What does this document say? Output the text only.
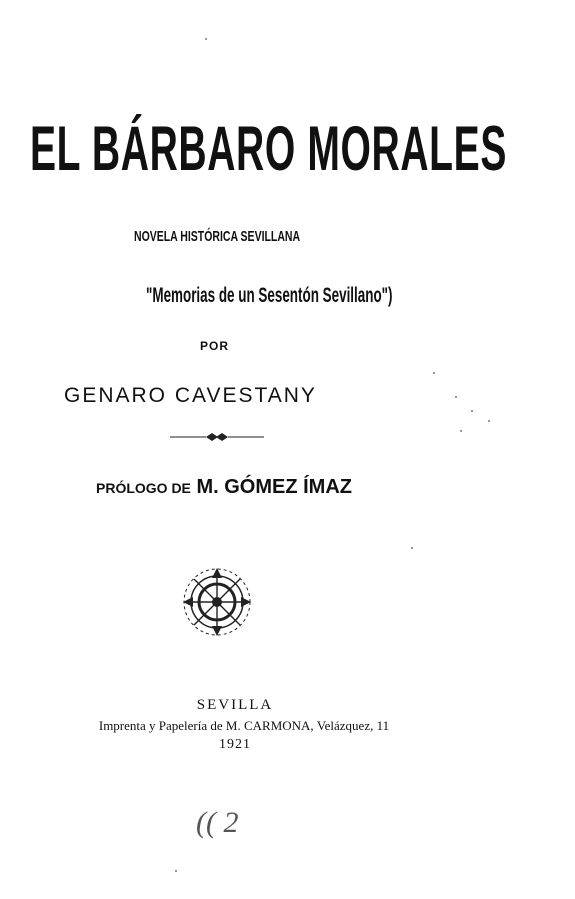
EL BÁRBARO MORALES
NOVELA HISTÓRICA SEVILLANA
"Memorias de un Sesentón Sevillano")
POR
GENARO CAVESTANY
PRÓLOGO DE M. GÓMEZ ÍMAZ
SEVILLA
Imprenta y Papelería de M. CARMONA, Velázquez, 11
1921
(( 2
